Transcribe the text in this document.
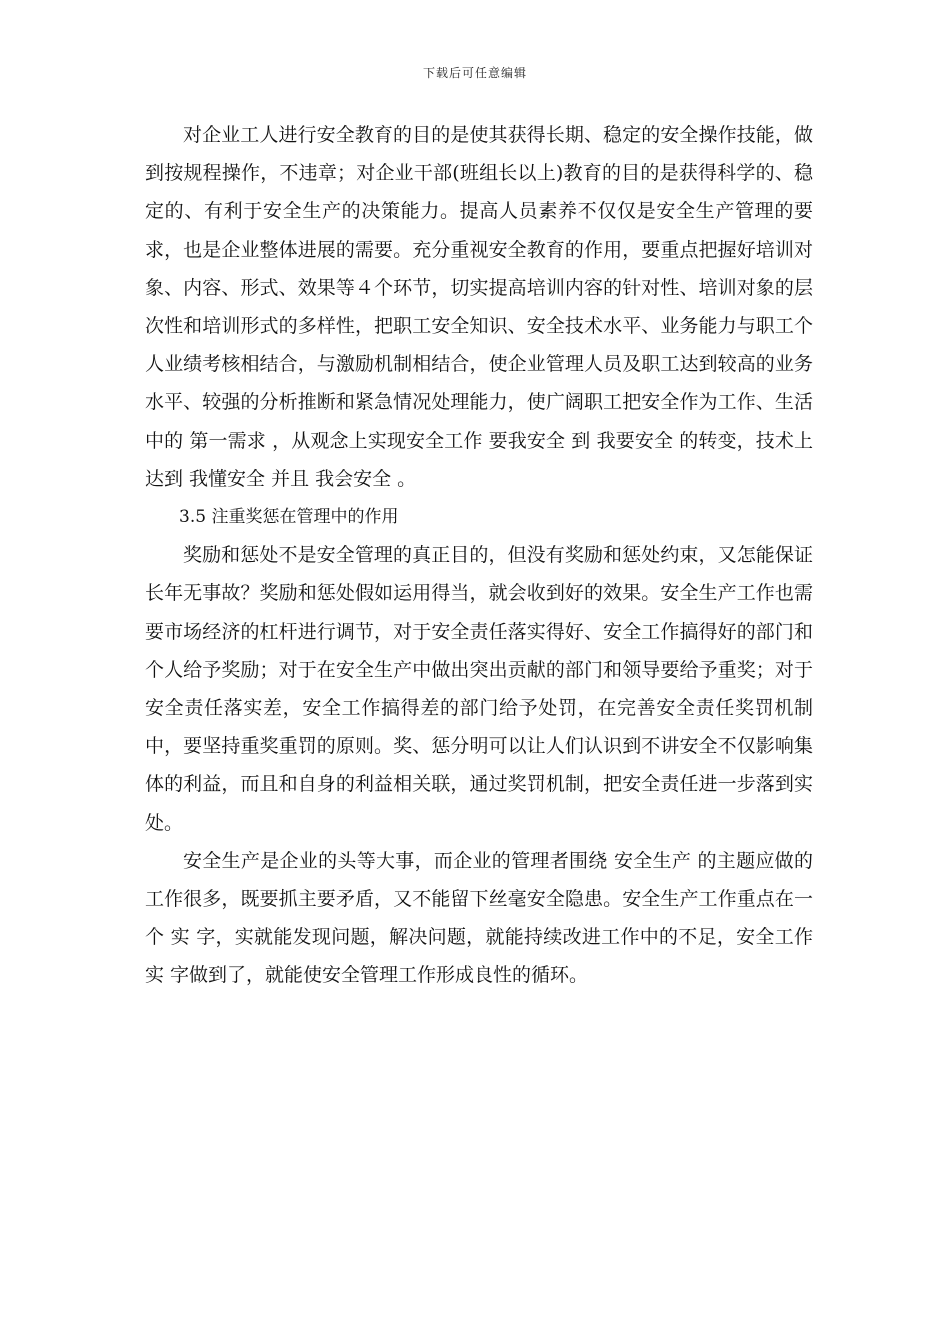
下载后可任意编辑

对企业工人进行安全教育的目的是使其获得长期、稳定的安全操作技能，做到按规程操作，不违章；对企业干部(班组长以上)教育的目的是获得科学的、稳定的、有利于安全生产的决策能力。提高人员素养不仅仅是安全生产管理的要求，也是企业整体进展的需要。充分重视安全教育的作用，要重点把握好培训对象、内容、形式、效果等４个环节，切实提高培训内容的针对性、培训对象的层次性和培训形式的多样性，把职工安全知识、安全技术水平、业务能力与职工个人业绩考核相结合，与激励机制相结合，使企业管理人员及职工达到较高的业务水平、较强的分析推断和紧急情况处理能力，使广阔职工把安全作为工作、生活中的 第一需求 ，从观念上实现安全工作 要我安全 到 我要安全 的转变，技术上达到 我懂安全 并且 我会安全 。

3.5 注重奖惩在管理中的作用

奖励和惩处不是安全管理的真正目的，但没有奖励和惩处约束，又怎能保证长年无事故？奖励和惩处假如运用得当，就会收到好的效果。安全生产工作也需要市场经济的杠杆进行调节，对于安全责任落实得好、安全工作搞得好的部门和个人给予奖励；对于在安全生产中做出突出贡献的部门和领导要给予重奖；对于安全责任落实差，安全工作搞得差的部门给予处罚，在完善安全责任奖罚机制中，要坚持重奖重罚的原则。奖、惩分明可以让人们认识到不讲安全不仅影响集体的利益，而且和自身的利益相关联，通过奖罚机制，把安全责任进一步落到实处。

安全生产是企业的头等大事，而企业的管理者围绕 安全生产 的主题应做的工作很多，既要抓主要矛盾，又不能留下丝毫安全隐患。安全生产工作重点在一个 实 字，实就能发现问题，解决问题，就能持续改进工作中的不足，安全工作 实 字做到了，就能使安全管理工作形成良性的循环。
